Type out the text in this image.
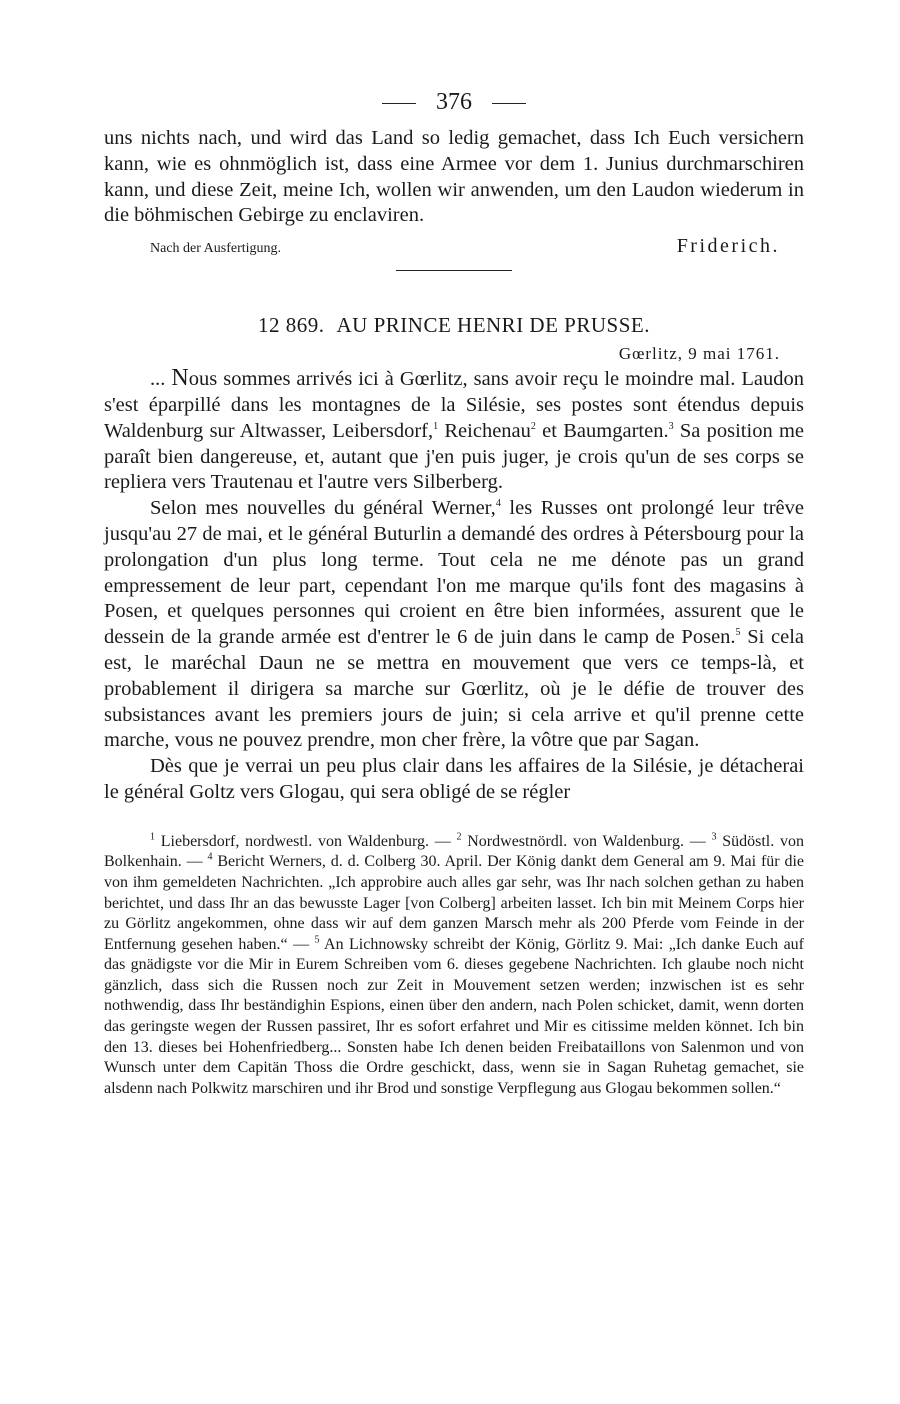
376

uns nichts nach, und wird das Land so ledig gemachet, dass Ich Euch versichern kann, wie es ohnmöglich ist, dass eine Armee vor dem 1. Junius durchmarschiren kann, und diese Zeit, meine Ich, wollen wir anwenden, um den Laudon wiederum in die böhmischen Gebirge zu enclaviren.

Nach der Ausfertigung.	Friderich.
12 869. AU PRINCE HENRI DE PRUSSE.
Gœrlitz, 9 mai 1761.

... Nous sommes arrivés ici à Gœrlitz, sans avoir reçu le moindre mal. Laudon s'est éparpillé dans les montagnes de la Silésie, ses postes sont étendus depuis Waldenburg sur Altwasser, Leibersdorf,$^1$ Reichenau$^2$ et Baumgarten.$^3$ Sa position me paraît bien dangereuse, et, autant que j'en puis juger, je crois qu'un de ses corps se repliera vers Trautenau et l'autre vers Silberberg.

Selon mes nouvelles du général Werner,$^4$ les Russes ont prolongé leur trêve jusqu'au 27 de mai, et le général Buturlin a demandé des ordres à Pétersbourg pour la prolongation d'un plus long terme. Tout cela ne me dénote pas un grand empressement de leur part, cependant l'on me marque qu'ils font des magasins à Posen, et quelques personnes qui croient en être bien informées, assurent que le dessein de la grande armée est d'entrer le 6 de juin dans le camp de Posen.$^5$ Si cela est, le maréchal Daun ne se mettra en mouvement que vers ce temps-là, et probablement il dirigera sa marche sur Gœrlitz, où je le défie de trouver des subsistances avant les premiers jours de juin; si cela arrive et qu'il prenne cette marche, vous ne pouvez prendre, mon cher frère, la vôtre que par Sagan.

Dès que je verrai un peu plus clair dans les affaires de la Silésie, je détacherai le général Goltz vers Glogau, qui sera obligé de se régler

$^1$ Liebersdorf, nordwestl. von Waldenburg. — $^2$ Nordwestnördl. von Waldenburg. — $^3$ Südöstl. von Bolkenhain. — $^4$ Bericht Werners, d. d. Colberg 30. April. Der König dankt dem General am 9. Mai für die von ihm gemeldeten Nachrichten. „Ich approbire auch alles gar sehr, was Ihr nach solchen gethan zu haben berichtet, und dass Ihr an das bewusste Lager [von Colberg] arbeiten lasset. Ich bin mit Meinem Corps hier zu Görlitz angekommen, ohne dass wir auf dem ganzen Marsch mehr als 200 Pferde vom Feinde in der Entfernung gesehen haben.“ — $^5$ An Lichnowsky schreibt der König, Görlitz 9. Mai: „Ich danke Euch auf das gnädigste vor die Mir in Eurem Schreiben vom 6. dieses gegebene Nachrichten. Ich glaube noch nicht gänzlich, dass sich die Russen noch zur Zeit in Mouvement setzen werden; inzwischen ist es sehr nothwendig, dass Ihr beständighin Espions, einen über den andern, nach Polen schicket, damit, wenn dorten das geringste wegen der Russen passiret, Ihr es sofort erfahret und Mir es citissime melden könnet. Ich bin den 13. dieses bei Hohenfriedberg... Sonsten habe Ich denen beiden Freibataillons von Salenmon und von Wunsch unter dem Capitän Thoss die Ordre geschickt, dass, wenn sie in Sagan Ruhetag gemachet, sie alsdenn nach Polkwitz marschiren und ihr Brod und sonstige Verpflegung aus Glogau bekommen sollen.“
